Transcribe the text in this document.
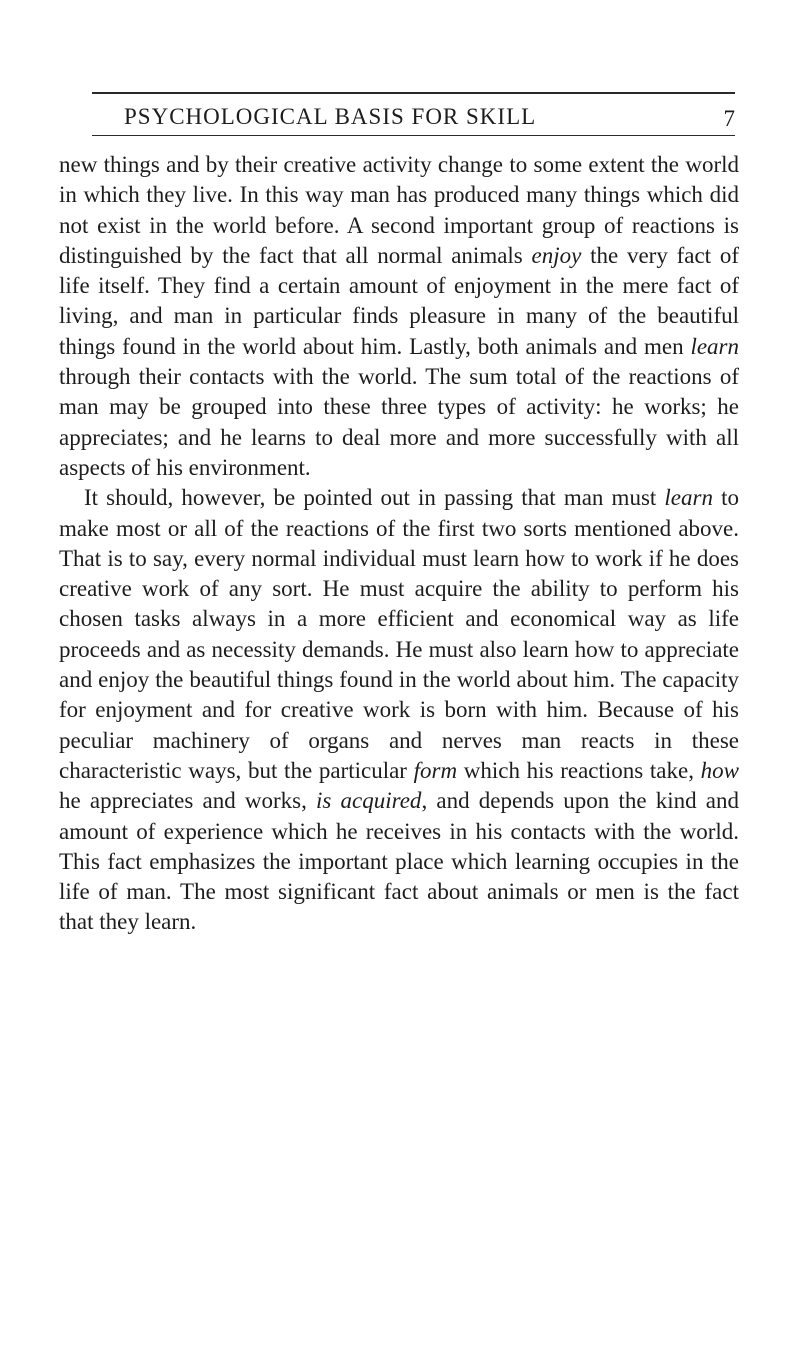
PSYCHOLOGICAL BASIS FOR SKILL	7

new things and by their creative activity change to some extent the world in which they live. In this way man has produced many things which did not exist in the world before. A second important group of reactions is distinguished by the fact that all normal animals enjoy the very fact of life itself. They find a certain amount of enjoyment in the mere fact of living, and man in particular finds pleasure in many of the beautiful things found in the world about him. Lastly, both animals and men learn through their contacts with the world. The sum total of the reactions of man may be grouped into these three types of activity: he works; he appreciates; and he learns to deal more and more successfully with all aspects of his environment.

It should, however, be pointed out in passing that man must learn to make most or all of the reactions of the first two sorts mentioned above. That is to say, every normal individual must learn how to work if he does creative work of any sort. He must acquire the ability to perform his chosen tasks always in a more efficient and economical way as life proceeds and as necessity demands. He must also learn how to appreciate and enjoy the beautiful things found in the world about him. The capacity for enjoyment and for creative work is born with him. Because of his peculiar machinery of organs and nerves man reacts in these characteristic ways, but the particular form which his reactions take, how he appreciates and works, is acquired, and depends upon the kind and amount of experience which he receives in his contacts with the world. This fact emphasizes the important place which learning occupies in the life of man. The most significant fact about animals or men is the fact that they learn.
